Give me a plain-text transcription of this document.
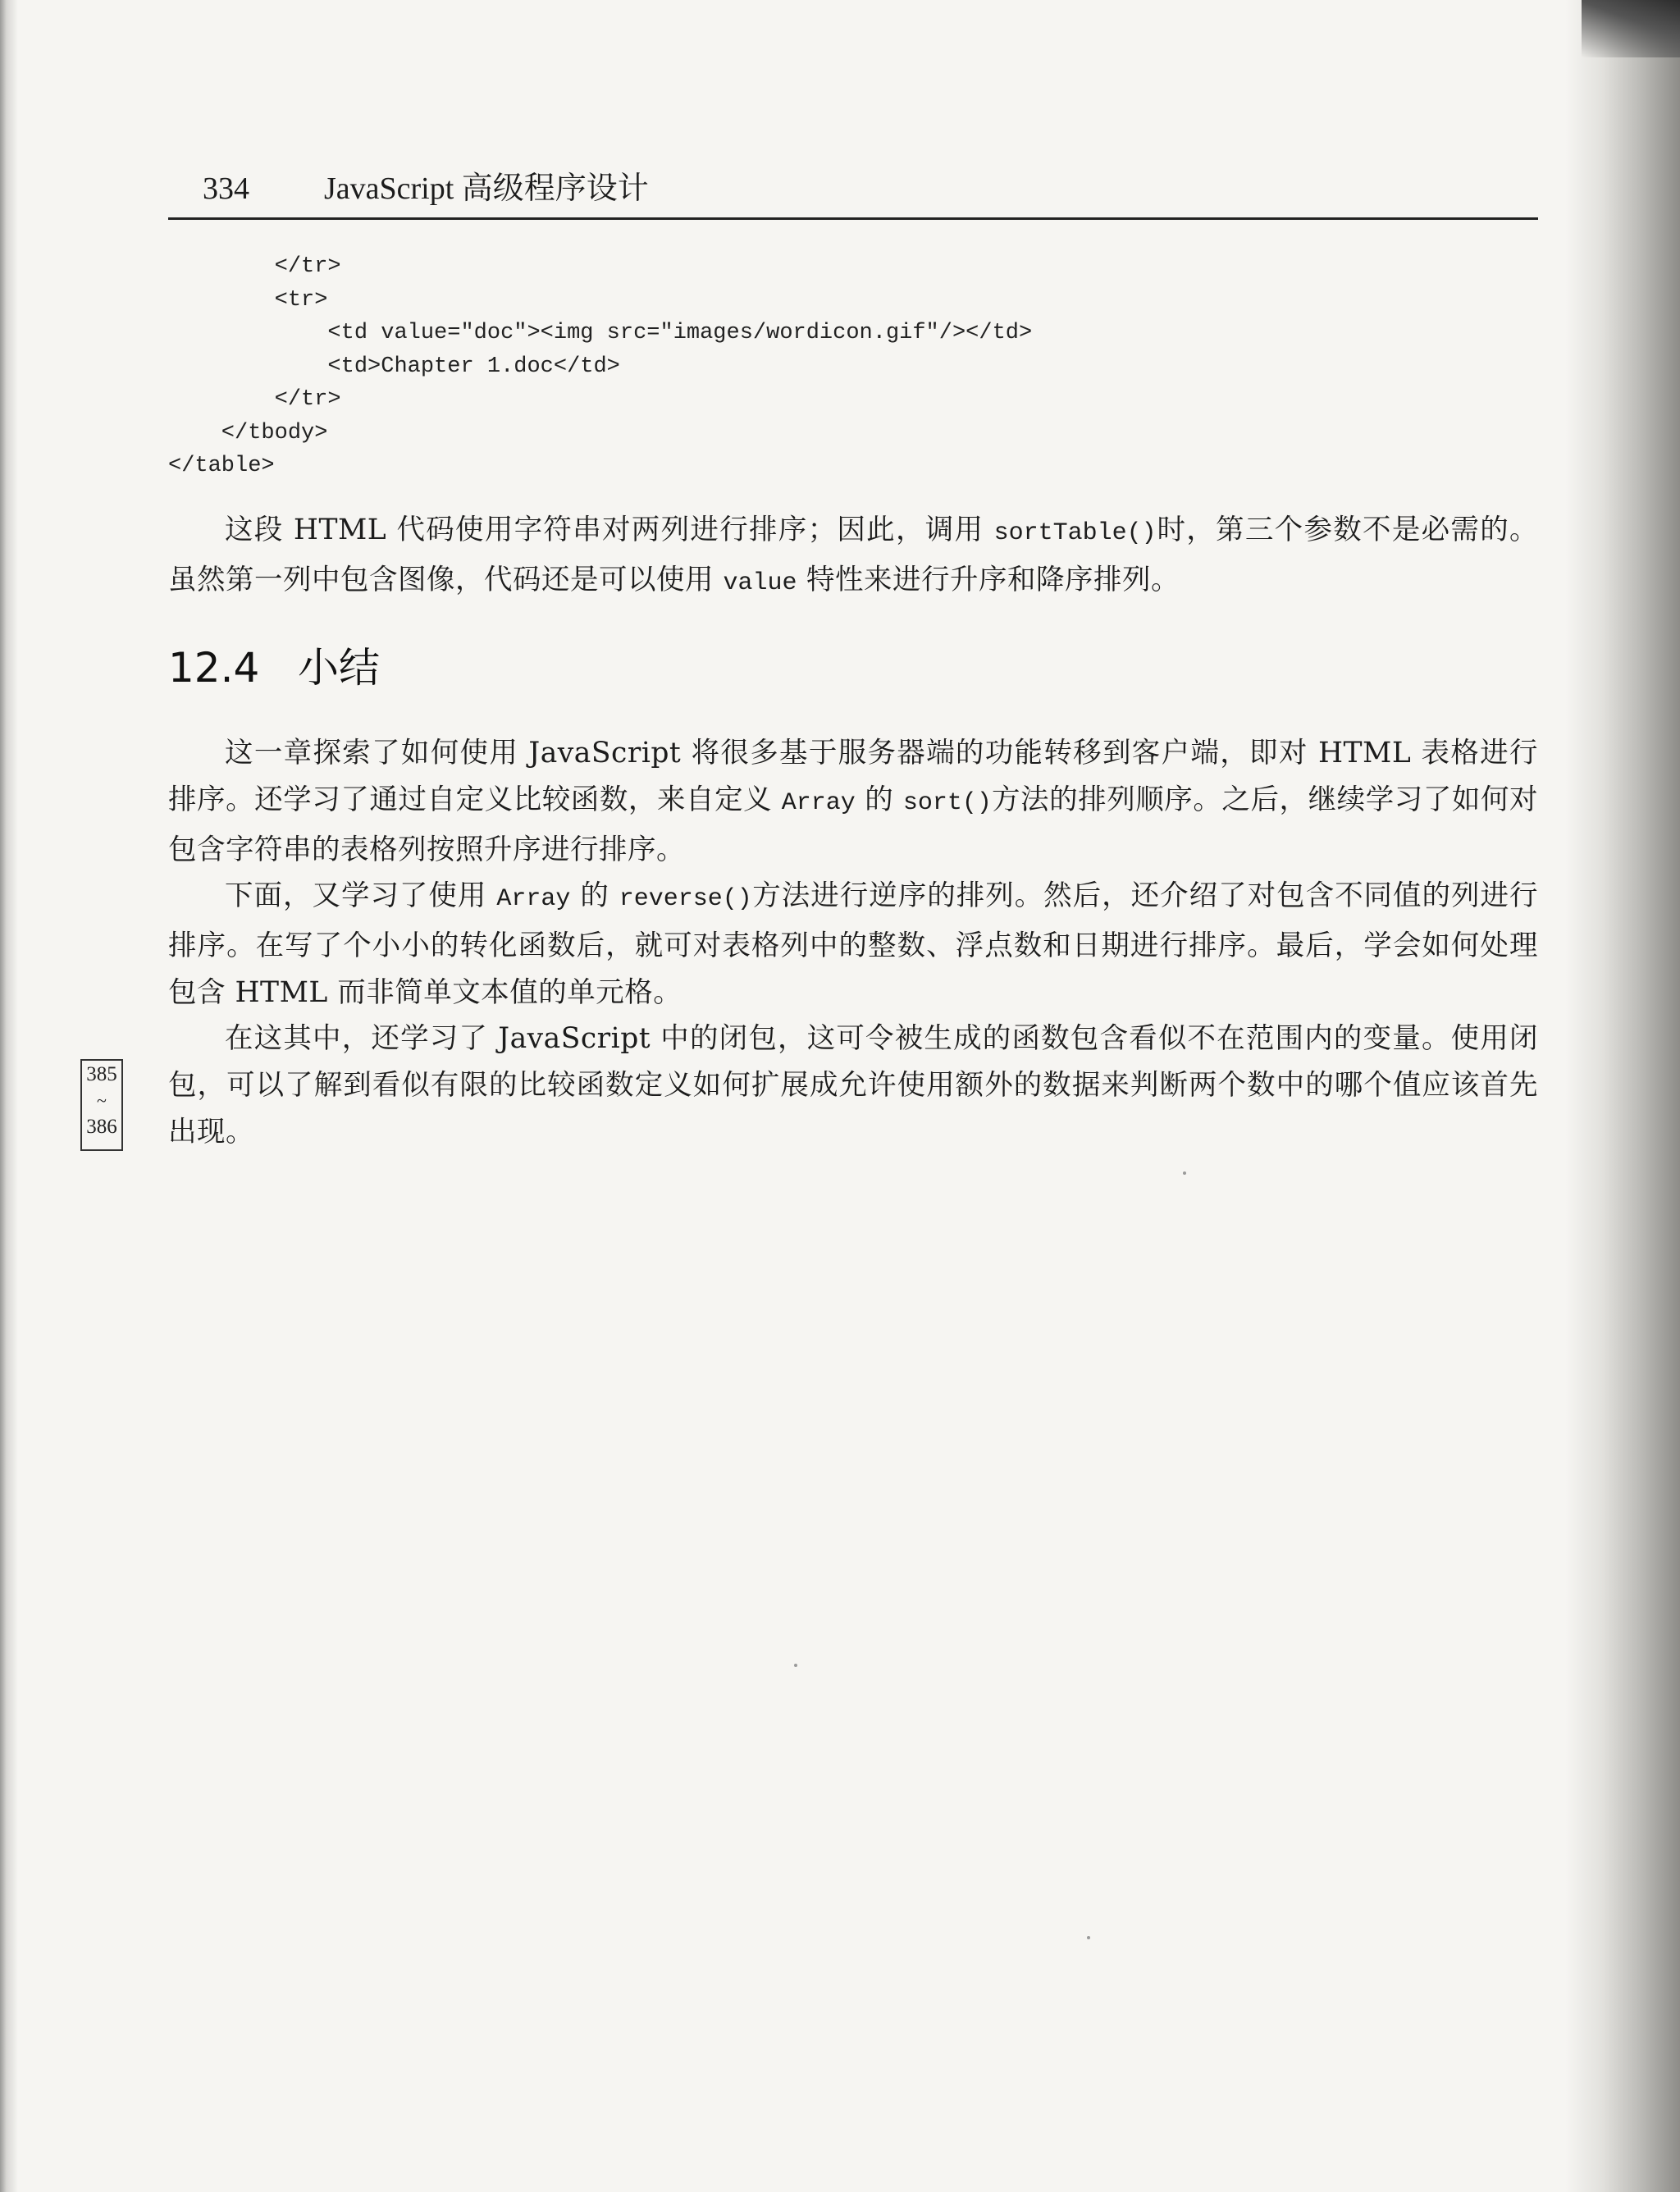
334 JavaScript 高级程序设计
</tr>
<tr>
<td value="doc"><img src="images/wordicon.gif"/></td>
<td>Chapter 1.doc</td>
</tr>
</tbody>
</table>

这段 HTML 代码使用字符串对两列进行排序；因此，调用 sortTable()时，第三个参数不是必需的。虽然第一列中包含图像，代码还是可以使用 value 特性来进行升序和降序排列。

12.4 小结

这一章探索了如何使用 JavaScript 将很多基于服务器端的功能转移到客户端，即对 HTML 表格进行排序。还学习了通过自定义比较函数，来自定义 Array 的 sort()方法的排列顺序。之后，继续学习了如何对包含字符串的表格列按照升序进行排序。

下面，又学习了使用 Array 的 reverse()方法进行逆序的排列。然后，还介绍了对包含不同值的列进行排序。在写了个小小的转化函数后，就可对表格列中的整数、浮点数和日期进行排序。最后，学会如何处理包含 HTML 而非简单文本值的单元格。

在这其中，还学习了 JavaScript 中的闭包，这可令被生成的函数包含看似不在范围内的变量。使用闭包，可以了解到看似有限的比较函数定义如何扩展成允许使用额外的数据来判断两个数中的哪个值应该首先出现。

385
~
386
